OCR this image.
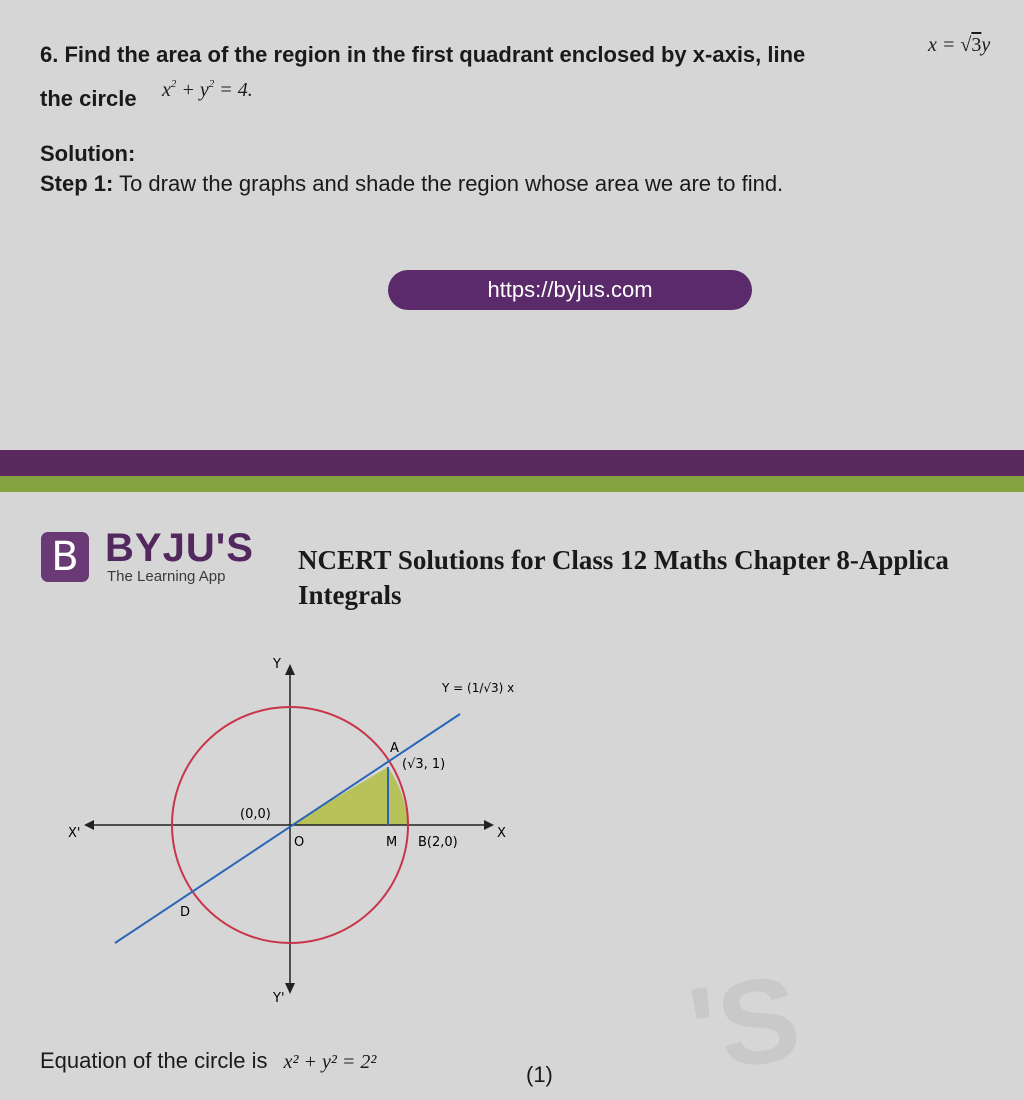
6. Find the area of the region in the first quadrant enclosed by x-axis, line	x = √3y
the circle $x^2 + y^2 = 4$.
Solution:
Step 1: To draw the graphs and shade the region whose area we are to find.
https://byjus.com
B BYJU'S
The Learning App
NCERT Solutions for Class 12 Maths Chapter 8-Applica
Integrals
Y
Y'
X
X'
(0,0)
O
A
(√3, 1)
M B(2,0)
D
Y = (1/√3) x
Equation of the circle is x² + y² = 2²	(1) 'S
